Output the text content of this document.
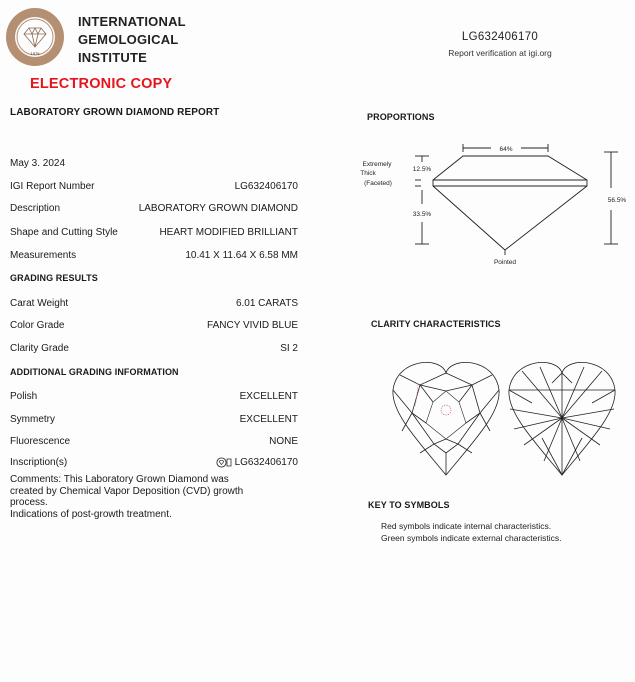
1975
INTERNATIONAL
GEMOLOGICAL
INSTITUTE
ELECTRONIC COPY
LG632406170
Report verification at igi.org
LABORATORY GROWN DIAMOND REPORT
May 3. 2024
IGI Report Number	LG632406170
Description	LABORATORY GROWN DIAMOND
Shape and Cutting Style	HEART MODIFIED BRILLIANT
Measurements	10.41 X 11.64 X 6.58 MM
GRADING RESULTS
Carat Weight	6.01 CARATS
Color Grade	FANCY VIVID BLUE
Clarity Grade	SI 2
ADDITIONAL GRADING INFORMATION
Polish	EXCELLENT
Symmetry	EXCELLENT
Fluorescence	NONE
Inscription(s)	LG632406170
Comments: This Laboratory Grown Diamond was
created by Chemical Vapor Deposition (CVD) growth
process.
Indications of post-growth treatment.
PROPORTIONS
64%
12.5%
33.5%
56.5%
Extremely
Thick
(Faceted)
Pointed
CLARITY CHARACTERISTICS
KEY TO SYMBOLS
Red symbols indicate internal characteristics.
Green symbols indicate external characteristics.
